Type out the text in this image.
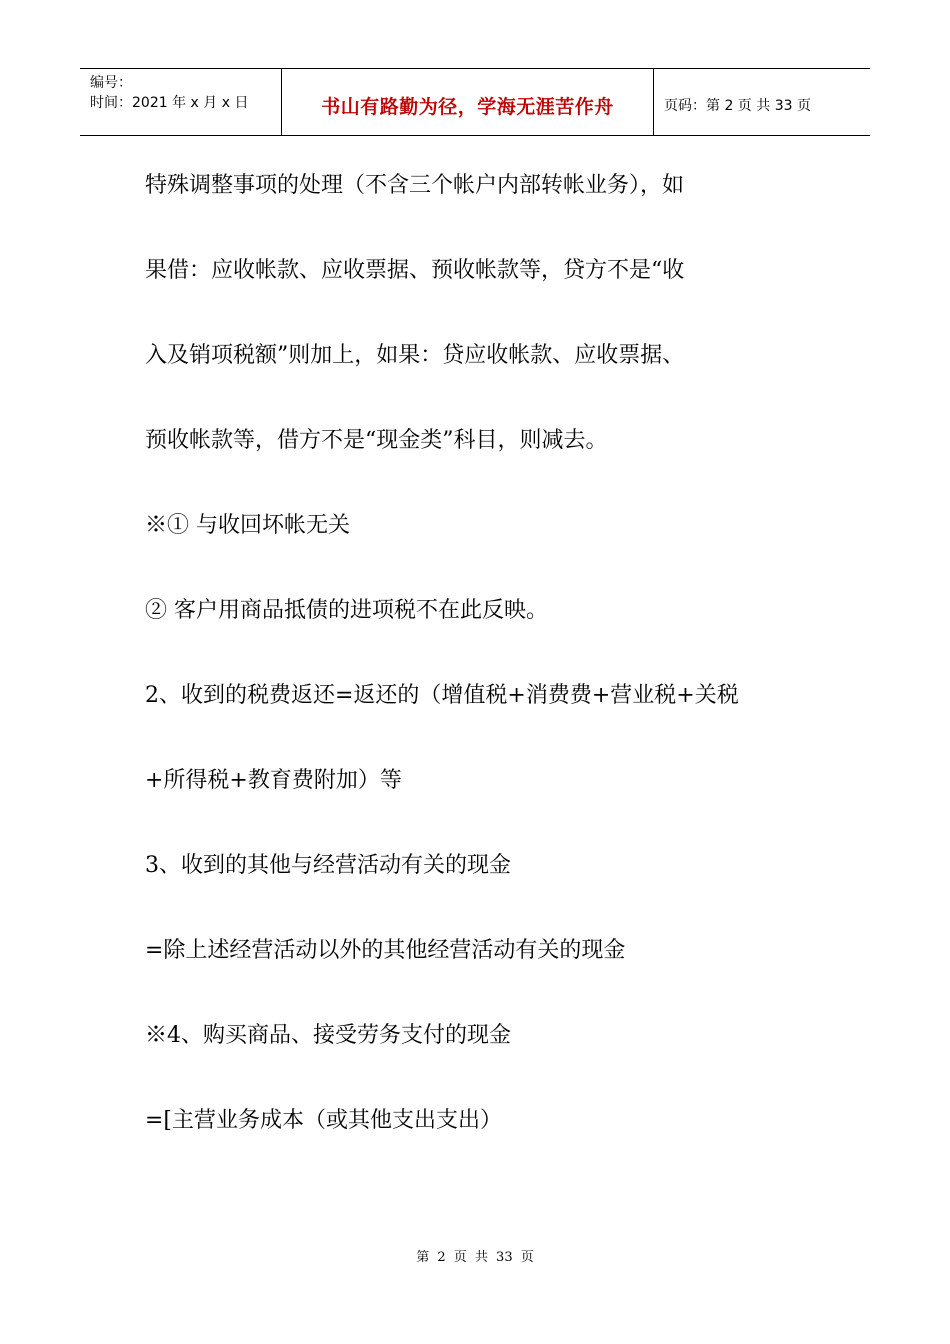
编号：
时间：2021 年 x 月 x 日	书山有路勤为径，学海无涯苦作舟	页码：第 2 页 共 33 页
特殊调整事项的处理（不含三个帐户内部转帐业务），如
果借：应收帐款、应收票据、预收帐款等，贷方不是“收
入及销项税额”则加上，如果：贷应收帐款、应收票据、
预收帐款等，借方不是“现金类”科目，则减去。
※① 与收回坏帐无关
② 客户用商品抵债的进项税不在此反映。
2、收到的税费返还=返还的（增值税+消费费+营业税+关税
+所得税+教育费附加）等
3、收到的其他与经营活动有关的现金
=除上述经营活动以外的其他经营活动有关的现金
※4、购买商品、接受劳务支付的现金
=[主营业务成本（或其他支出支出）
第 2 页 共 33 页
